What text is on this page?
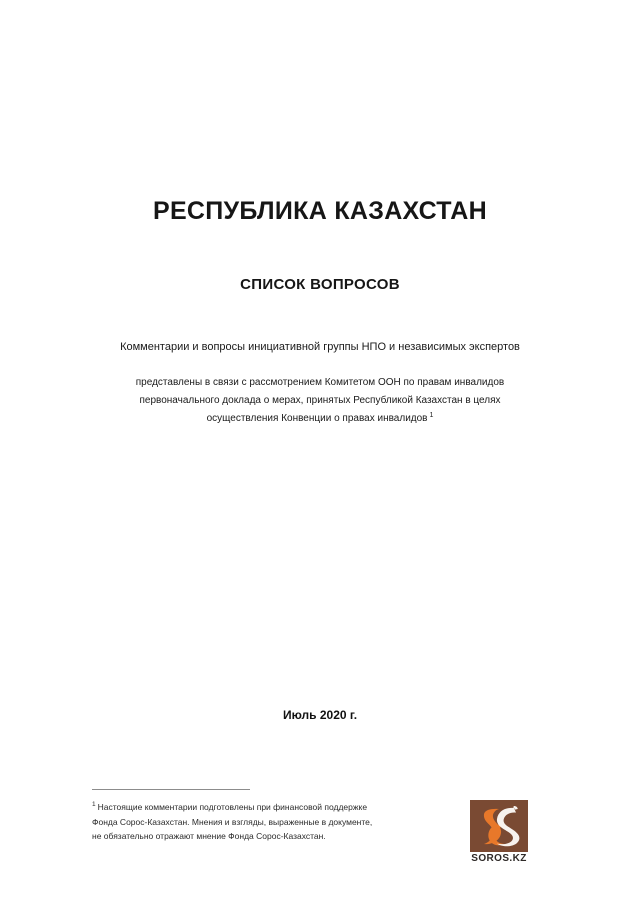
РЕСПУБЛИКА КАЗАХСТАН
СПИСОК ВОПРОСОВ

Комментарии и вопросы инициативной группы НПО и независимых экспертов

представлены в связи с рассмотрением Комитетом ООН по правам инвалидов
первоначального доклада о мерах, принятых Республикой Казахстан в целях
осуществления Конвенции о правах инвалидов $^1$

Июль 2020 г.

$^1$ Настоящие комментарии подготовлены при финансовой поддержке
Фонда Сорос-Казахстан. Мнения и взгляды, выраженные в документе,
не обязательно отражают мнение Фонда Сорос-Казахстан.
SOROS.KZ
